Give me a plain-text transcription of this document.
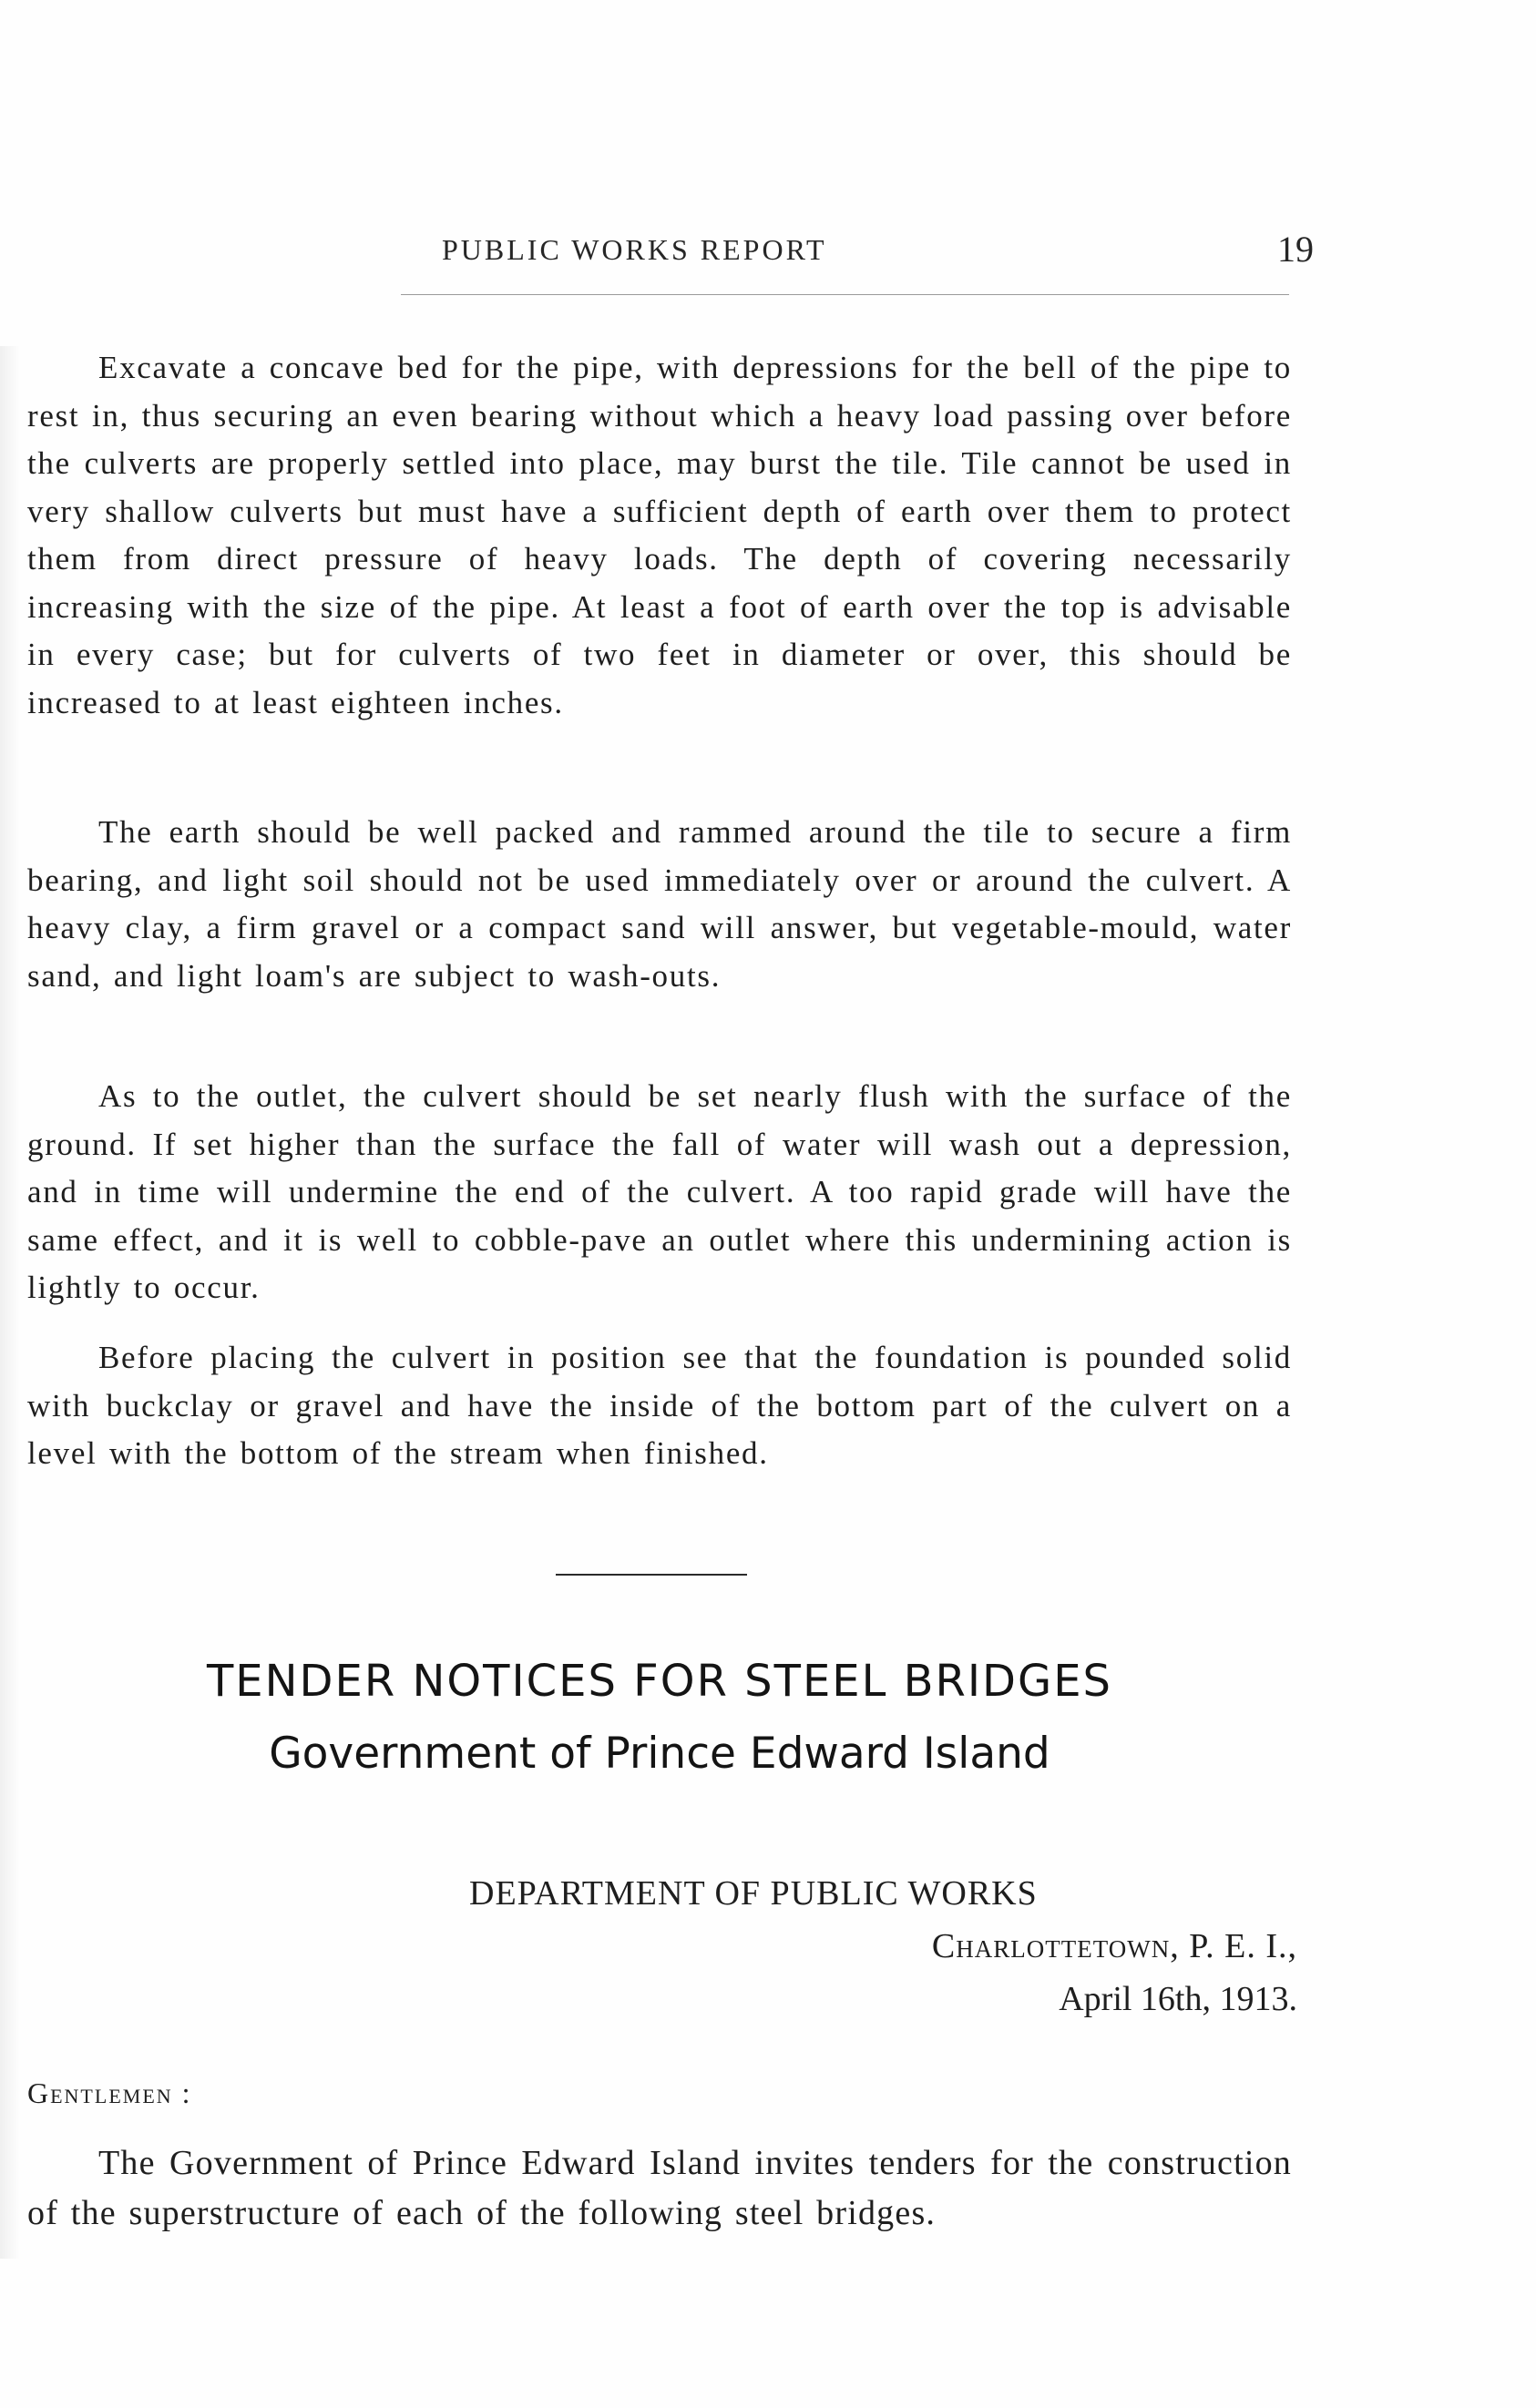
PUBLIC WORKS REPORT	19

Excavate a concave bed for the pipe, with depressions for the bell of the pipe to rest in, thus securing an even bearing without which a heavy load passing over before the culverts are properly settled into place, may burst the tile. Tile cannot be used in very shallow culverts but must have a sufficient depth of earth over them to protect them from direct pressure of heavy loads. The depth of covering necessarily increasing with the size of the pipe. At least a foot of earth over the top is advisable in every case; but for culverts of two feet in diameter or over, this should be increased to at least eighteen inches.

The earth should be well packed and rammed around the tile to secure a firm bearing, and light soil should not be used immediately over or around the culvert. A heavy clay, a firm gravel or a compact sand will answer, but vegetable-mould, water sand, and light loam's are subject to wash-outs.

As to the outlet, the culvert should be set nearly flush with the surface of the ground. If set higher than the surface the fall of water will wash out a depression, and in time will undermine the end of the culvert. A too rapid grade will have the same effect, and it is well to cobble-pave an outlet where this undermining action is lightly to occur.

Before placing the culvert in position see that the foundation is pounded solid with buckclay or gravel and have the inside of the bottom part of the culvert on a level with the bottom of the stream when finished.

TENDER NOTICES FOR STEEL BRIDGES
Government of Prince Edward Island
DEPARTMENT OF PUBLIC WORKS
Charlottetown, P. E. I.,
April 16th, 1913.
Gentlemen :

The Government of Prince Edward Island invites tenders for the construction of the superstructure of each of the following steel bridges.
